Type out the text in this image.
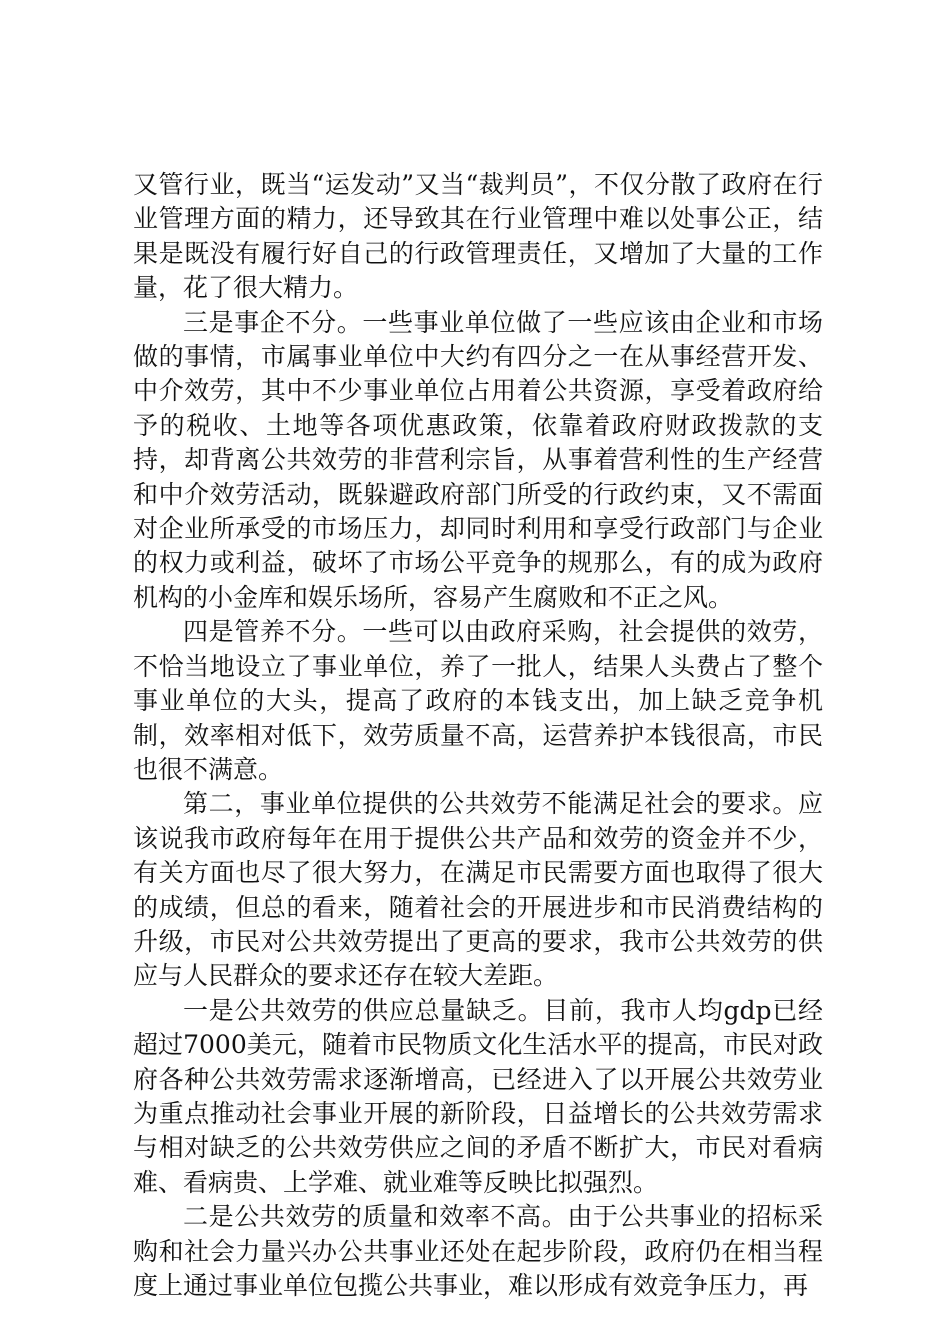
又管行业，既当“运发动”又当“裁判员”，不仅分散了政府在行业管理方面的精力，还导致其在行业管理中难以处事公正，结果是既没有履行好自己的行政管理责任，又增加了大量的工作量，花了很大精力。

三是事企不分。一些事业单位做了一些应该由企业和市场做的事情，市属事业单位中大约有四分之一在从事经营开发、中介效劳，其中不少事业单位占用着公共资源，享受着政府给予的税收、土地等各项优惠政策，依靠着政府财政拨款的支持，却背离公共效劳的非营利宗旨，从事着营利性的生产经营和中介效劳活动，既躲避政府部门所受的行政约束，又不需面对企业所承受的市场压力，却同时利用和享受行政部门与企业的权力或利益，破坏了市场公平竞争的规那么，有的成为政府机构的小金库和娱乐场所，容易产生腐败和不正之风。

四是管养不分。一些可以由政府采购，社会提供的效劳，不恰当地设立了事业单位，养了一批人，结果人头费占了整个事业单位的大头，提高了政府的本钱支出，加上缺乏竞争机制，效率相对低下，效劳质量不高，运营养护本钱很高，市民也很不满意。

第二，事业单位提供的公共效劳不能满足社会的要求。应该说我市政府每年在用于提供公共产品和效劳的资金并不少，有关方面也尽了很大努力，在满足市民需要方面也取得了很大的成绩，但总的看来，随着社会的开展进步和市民消费结构的升级，市民对公共效劳提出了更高的要求，我市公共效劳的供应与人民群众的要求还存在较大差距。

一是公共效劳的供应总量缺乏。目前，我市人均gdp已经超过7000美元，随着市民物质文化生活水平的提高，市民对政府各种公共效劳需求逐渐增高，已经进入了以开展公共效劳业为重点推动社会事业开展的新阶段，日益增长的公共效劳需求与相对缺乏的公共效劳供应之间的矛盾不断扩大，市民对看病难、看病贵、上学难、就业难等反映比拟强烈。

二是公共效劳的质量和效率不高。由于公共事业的招标采购和社会力量兴办公共事业还处在起步阶段，政府仍在相当程度上通过事业单位包揽公共事业，难以形成有效竞争压力，再
